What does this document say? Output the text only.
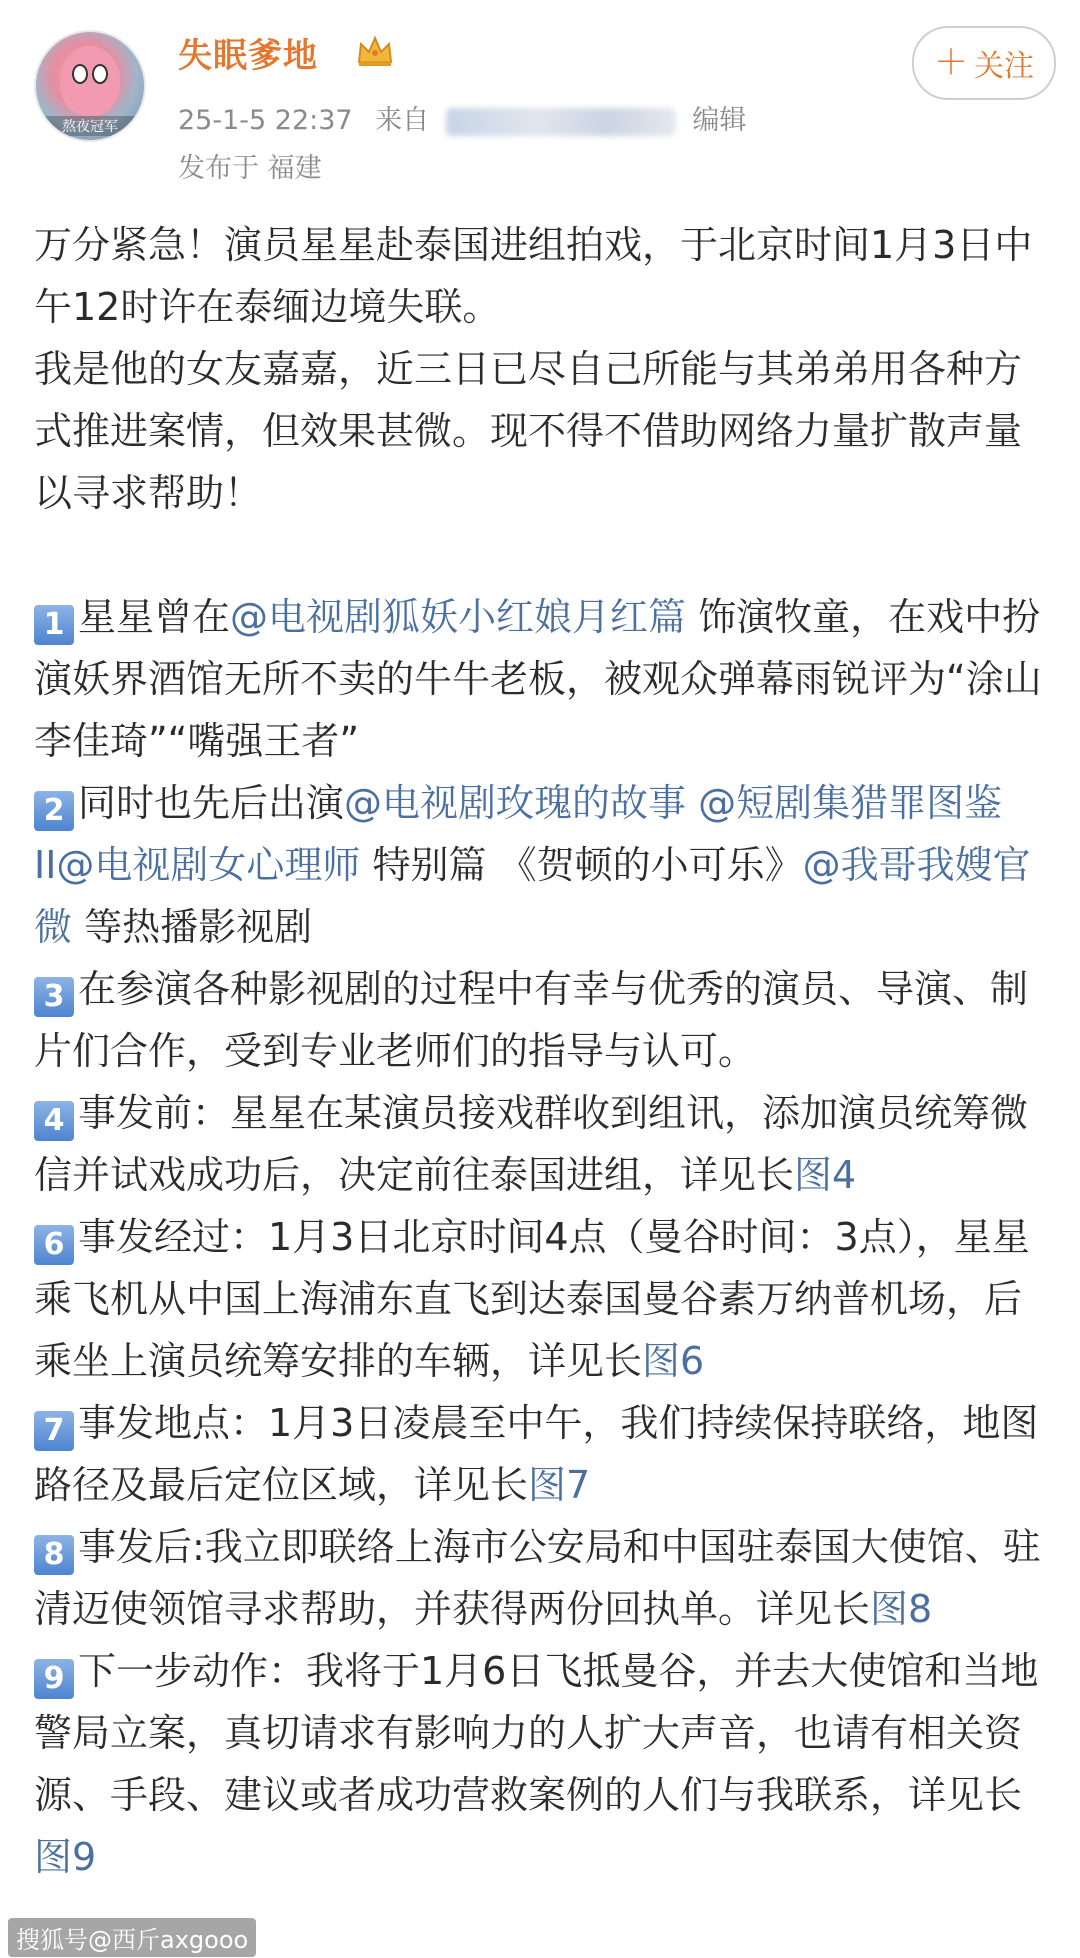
熬夜冠军
失眠爹地
25-1-5 22:37 来自	编辑
发布于 福建
＋ 关注

万分紧急！演员星星赴泰国进组拍戏，于北京时间1月3日中午12时许在泰缅边境失联。

我是他的女友嘉嘉，近三日已尽自己所能与其弟弟用各种方式推进案情，但效果甚微。现不得不借助网络力量扩散声量以寻求帮助！

1 星星曾在@电视剧狐妖小红娘月红篇 饰演牧童，在戏中扮演妖界酒馆无所不卖的牛牛老板，被观众弹幕雨锐评为“涂山李佳琦”“嘴强王者”

2 同时也先后出演@电视剧玫瑰的故事 @短剧集猎罪图鉴 II@电视剧女心理师 特别篇 《贺顿的小可乐》@我哥我嫂官微 等热播影视剧

3 在参演各种影视剧的过程中有幸与优秀的演员、导演、制片们合作，受到专业老师们的指导与认可。

4 事发前：星星在某演员接戏群收到组讯，添加演员统筹微信并试戏成功后，决定前往泰国进组，详见长图4

6 事发经过：1月3日北京时间4点（曼谷时间：3点），星星乘飞机从中国上海浦东直飞到达泰国曼谷素万纳普机场，后乘坐上演员统筹安排的车辆，详见长图6

7 事发地点：1月3日凌晨至中午，我们持续保持联络，地图路径及最后定位区域，详见长图7

8 事发后:我立即联络上海市公安局和中国驻泰国大使馆、驻清迈使领馆寻求帮助，并获得两份回执单。详见长图8

9 下一步动作：我将于1月6日飞抵曼谷，并去大使馆和当地警局立案，真切请求有影响力的人扩大声音，也请有相关资源、手段、建议或者成功营救案例的人们与我联系，详见长图9

搜狐号@西斤axgooo
